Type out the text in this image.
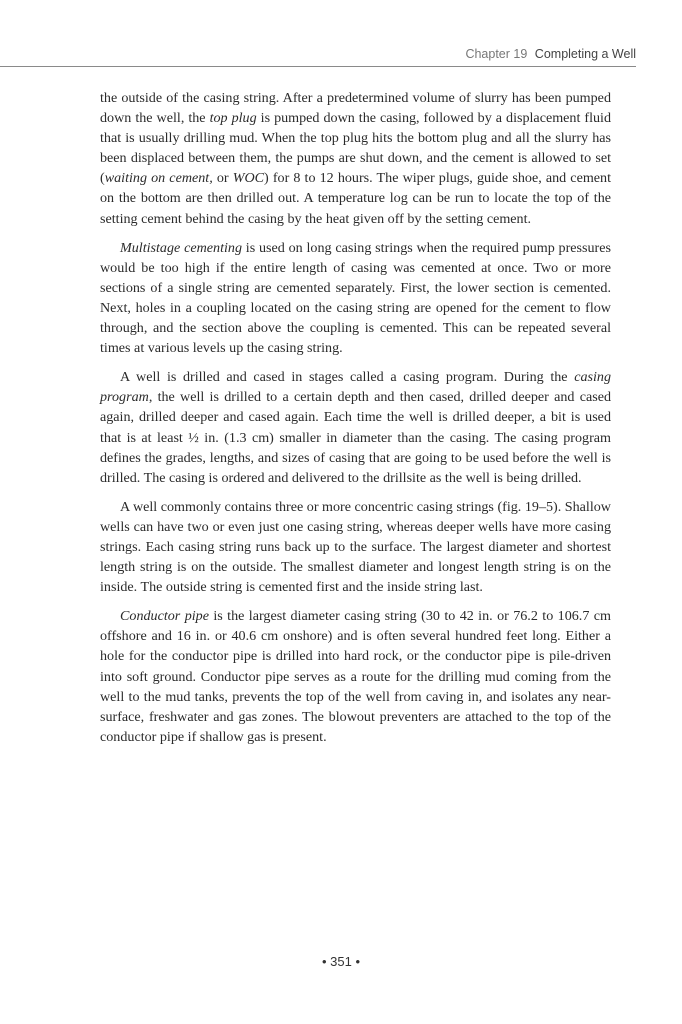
Chapter 19 Completing a Well

the outside of the casing string. After a predetermined volume of slurry has been pumped down the well, the top plug is pumped down the casing, followed by a displacement fluid that is usually drilling mud. When the top plug hits the bottom plug and all the slurry has been displaced between them, the pumps are shut down, and the cement is allowed to set (waiting on cement, or WOC) for 8 to 12 hours. The wiper plugs, guide shoe, and cement on the bottom are then drilled out. A temperature log can be run to locate the top of the setting cement behind the casing by the heat given off by the setting cement.

Multistage cementing is used on long casing strings when the required pump pressures would be too high if the entire length of casing was cemented at once. Two or more sections of a single string are cemented separately. First, the lower section is cemented. Next, holes in a coupling located on the casing string are opened for the cement to flow through, and the section above the coupling is cemented. This can be repeated several times at various levels up the casing string.

A well is drilled and cased in stages called a casing program. During the casing program, the well is drilled to a certain depth and then cased, drilled deeper and cased again, drilled deeper and cased again. Each time the well is drilled deeper, a bit is used that is at least ½ in. (1.3 cm) smaller in diameter than the casing. The casing program defines the grades, lengths, and sizes of casing that are going to be used before the well is drilled. The casing is ordered and delivered to the drillsite as the well is being drilled.

A well commonly contains three or more concentric casing strings (fig. 19–5). Shallow wells can have two or even just one casing string, whereas deeper wells have more casing strings. Each casing string runs back up to the surface. The largest diameter and shortest length string is on the outside. The smallest diameter and longest length string is on the inside. The outside string is cemented first and the inside string last.

Conductor pipe is the largest diameter casing string (30 to 42 in. or 76.2 to 106.7 cm offshore and 16 in. or 40.6 cm onshore) and is often several hundred feet long. Either a hole for the conductor pipe is drilled into hard rock, or the conductor pipe is pile-driven into soft ground. Conductor pipe serves as a route for the drilling mud coming from the well to the mud tanks, prevents the top of the well from caving in, and isolates any near-surface, freshwater and gas zones. The blowout preventers are attached to the top of the conductor pipe if shallow gas is present.

• 351 •
